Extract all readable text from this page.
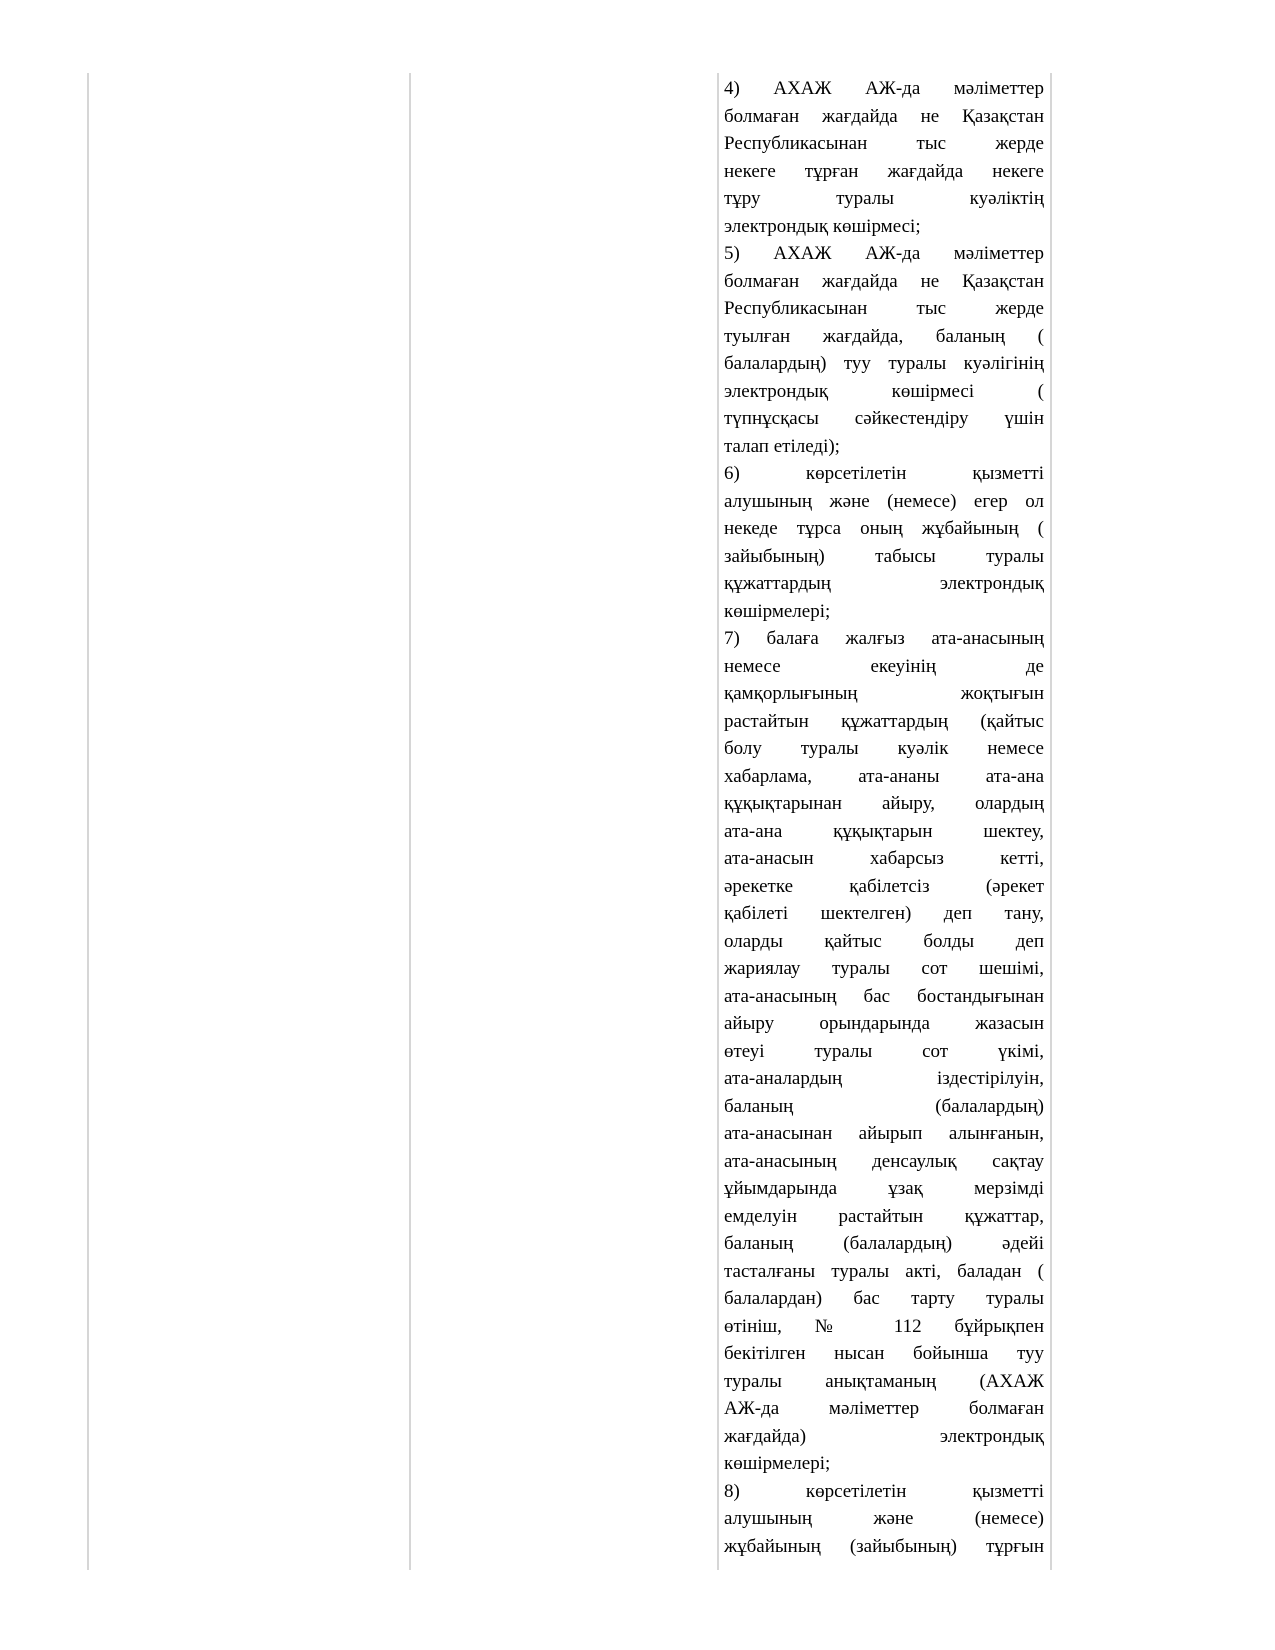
4) АХАЖ АЖ-да мәліметтер
болмаған жағдайда не Қазақстан
Республикасынан тыс жерде
некеге тұрған жағдайда некеге
тұру туралы куәліктің
электрондық көшірмесі;
5) АХАЖ АЖ-да мәліметтер
болмаған жағдайда не Қазақстан
Республикасынан тыс жерде
туылған жағдайда, баланың (
балалардың) туу туралы куәлігінің
электрондық көшірмесі (
түпнұсқасы сәйкестендіру үшін
талап етіледі);
6) көрсетілетін қызметті
алушының және (немесе) егер ол
некеде тұрса оның жұбайының (
зайыбының) табысы туралы
құжаттардың электрондық
көшірмелері;
7) балаға жалғыз ата-анасының
немесе екеуінің де
қамқорлығының жоқтығын
растайтын құжаттардың (қайтыс
болу туралы куәлік немесе
хабарлама, ата-ананы ата-ана
құқықтарынан айыру, олардың
ата-ана құқықтарын шектеу,
ата-анасын хабарсыз кетті,
әрекетке қабілетсіз (әрекет
қабілеті шектелген) деп тану,
оларды қайтыс болды деп
жариялау туралы сот шешімі,
ата-анасының бас бостандығынан
айыру орындарында жазасын
өтеуі туралы сот үкімі,
ата-аналардың іздестірілуін,
баланың (балалардың)
ата-анасынан айырып алынғанын,
ата-анасының денсаулық сақтау
ұйымдарында ұзақ мерзімді
емделуін растайтын құжаттар,
баланың (балалардың) әдейі
тасталғаны туралы акті, баладан (
балалардан) бас тарту туралы
өтініш, № 112 бұйрықпен
бекітілген нысан бойынша туу
туралы анықтаманың (АХАЖ
АЖ-да мәліметтер болмаған
жағдайда) электрондық
көшірмелері;
8) көрсетілетін қызметті
алушының және (немесе)
жұбайының (зайыбының) тұрғын
